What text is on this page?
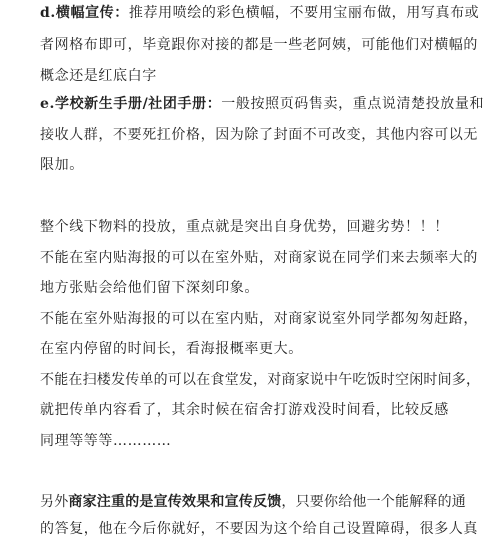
d.横幅宣传：推荐用喷绘的彩色横幅，不要用宝丽布做，用写真布或
者网格布即可，毕竟跟你对接的都是一些老阿姨，可能他们对横幅的
概念还是红底白字
e.学校新生手册/社团手册：一般按照页码售卖，重点说清楚投放量和
接收人群，不要死扛价格，因为除了封面不可改变，其他内容可以无
限加。
整个线下物料的投放，重点就是突出自身优势，回避劣势！！！
不能在室内贴海报的可以在室外贴，对商家说在同学们来去频率大的
地方张贴会给他们留下深刻印象。
不能在室外贴海报的可以在室内贴，对商家说室外同学都匆匆赶路，
在室内停留的时间长，看海报概率更大。
不能在扫楼发传单的可以在食堂发，对商家说中午吃饭时空闲时间多，
就把传单内容看了，其余时候在宿舍打游戏没时间看，比较反感
同理等等等…………
另外商家注重的是宣传效果和宣传反馈，只要你给他一个能解释的通
的答复，他在今后你就好，不要因为这个给自己设置障碍，很多人真
